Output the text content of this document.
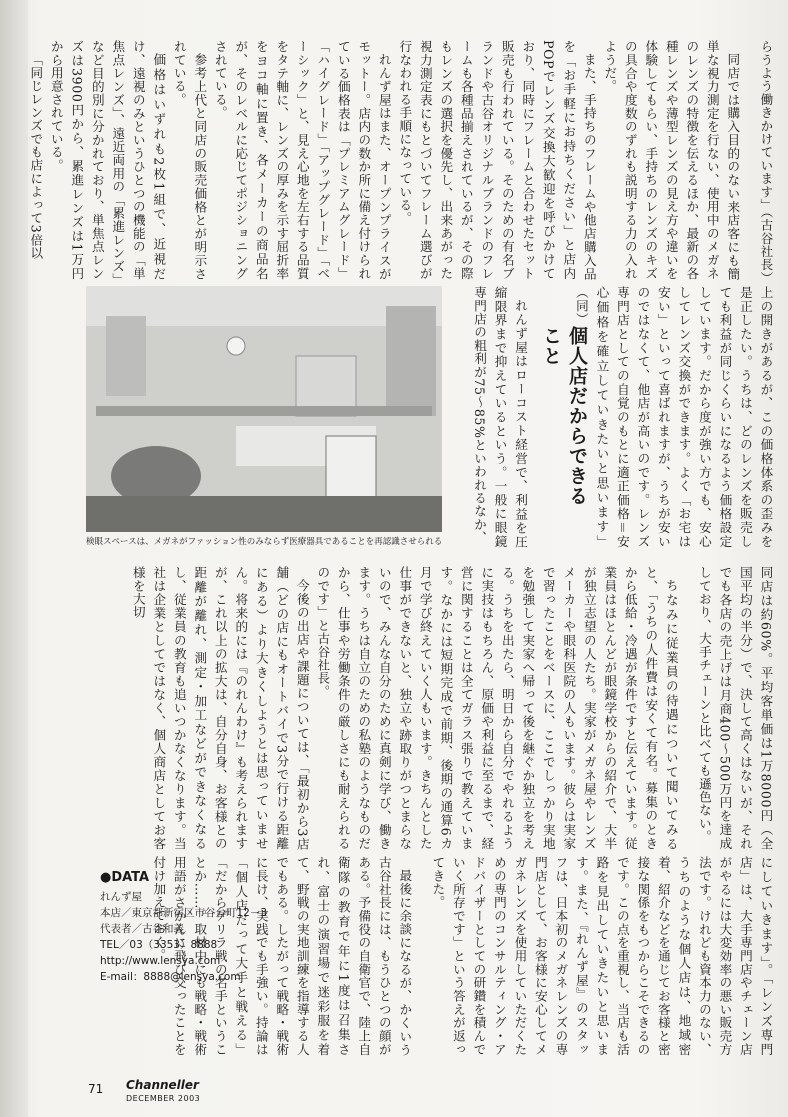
らうよう働きかけています」（古谷社長）

同店では購入目的のない来店客にも簡単な視力測定を行ない、使用中のメガネのレンズの特徴を伝えるほか、最新の各種レンズや薄型レンズの見え方や違いを体験してもらい、手持ちのレンズのキズの具合や度数のずれも説明する力の入れようだ。

また、手持ちのフレームや他店購入品を「お手軽にお持ちください」と店内POPでレンズ交換大歓迎を呼びかけており、同時にフレームと合わせたセット販売も行われている。そのための有名ブランドや古谷オリジナルブランドのフレームも各種品揃えされているが、その際もレンズの選択を優先し、出来あがった視力測定表にもとづいてフレーム選びが行なわれる手順になっている。

れんず屋はまた、オープンプライスがモットー。店内の数か所に備え付けられている価格表は「プレミアムグレード」「ハイグレード」「アップグレード」「ベーシック」と、見え心地を左右する品質をタテ軸に、レンズの厚みを示す屈折率をヨコ軸に置き、各メーカーの商品名が、そのレベルに応じてポジショニングされている。

参考上代と同店の販売価格とが明示されている。

価格はいずれも2枚1組で、近視だけ、遠視のみというひとつの機能の「単焦点レンズ」、遠近両用の「累進レンズ」など目的別に分かれており、単焦点レンズは3900円から、累進レンズは1万円から用意されている。

「同じレンズでも店によって3倍以

上の開きがあるが、この価格体系の歪みを是正したい。うちは、どのレンズを販売しても利益が同じくらいになるよう価格設定しています。だから度が強い方でも、安心してレンズ交換ができます。よく「お宅は安い」といって喜ばれますが、うちが安いのではなくて、他店が高いのです。レンズ専門店としての自覚のもとに適正価格＝安心価格を確立していきたいと思います」（同）

個人店だからできること

れんず屋はローコスト経営で、利益を圧縮限界まで抑えているという。一般に眼鏡専門店の粗利が75～85%といわれるなか、

検眼スペースは、メガネがファッション性のみならず医療器具であることを再認識させられる

同店は約60%。平均客単価は1万8000円（全国平均の半分）で、決して高くはないが、それでも各店の売上げは月商400～500万円を達成しており、大手チェーンと比べても遜色ない。

ちなみに従業員の待遇について聞いてみると、「うちの人件費は安くて有名。募集のときから低給・冷遇が条件ですと伝えています。従業員はほとんどが眼鏡学校からの紹介で、大半が独立志望の人たち。実家がメガネ屋やレンズメーカーや眼科医院の人もいます。彼らは実家で習ったことをベースに、ここでしっかり実地を勉強して実家へ帰って後を継ぐか独立を考える。うちを出たら、明日から自分でやれるように実技はもちろん、原価や利益に至るまで、経営に関することは全てガラス張りで教えています。なかには短期完成で前期、後期の通算6カ月で学び終えていく人もいます。きちんとした仕事ができないと、独立や跡取りがつとまらないので、みんな自分のために真剣に学び、働きます。うちは自立のための私塾のようなものだから、仕事や労働条件の厳しさにも耐えられるのです」と古谷社長。

今後の出店や課題については、「最初から3店舗（どの店にもオートバイで3分で行ける距離にある）より大きくしようとは思っていません。将来的には『のれんわけ』も考えられますが、これ以上の拡大は、自分自身、お客様との距離が離れ、測定・加工などができなくなるし、従業員の教育も追いつかなくなります。当社は企業としてではなく、個人商店としてお客様を大切

にしていきます」。「レンズ専門店」は、大手専門店やチェーン店がやるには大変効率の悪い販売方法です。けれども資本力のない、うちのような個人店は、地域密着、紹介などを通じてお客様と密接な関係をもつからこそできるのです。この点を重視し、当店も活路を見出していきたいと思います。また、『れんず屋』のスタッフは、日本初のメガネレンズの専門店として、お客様に安心してメガネレンズを使用していただくための専門のコンサルティング・アドバイザーとしての研鑽を積んでいく所存です」という答えが返ってきた。

最後に余談になるが、かくいう古谷社長には、もうひとつの顔がある。予備役の自衛官で、陸上自衛隊の教育で年に1度は召集され、富士の演習場で迷彩服を着て、野戦の実地訓練を指導する人でもある。したがって戦略・戦術に長け、実践でも手強い。持論は「個人店だって大手と戦える」「だからゲリラ戦の名手ということか……。取材中にも戦略・戦術用語がさかんに飛び交ったことを付け加えておく。

●DATA
れんず屋
本店／東京都新宿区市谷台町12－3
代表者／古谷和義
TEL／03（3353）8888
http://www.lensya.com
E-mail：8888@lensya.com
71 Channeller
DECEMBER 2003
